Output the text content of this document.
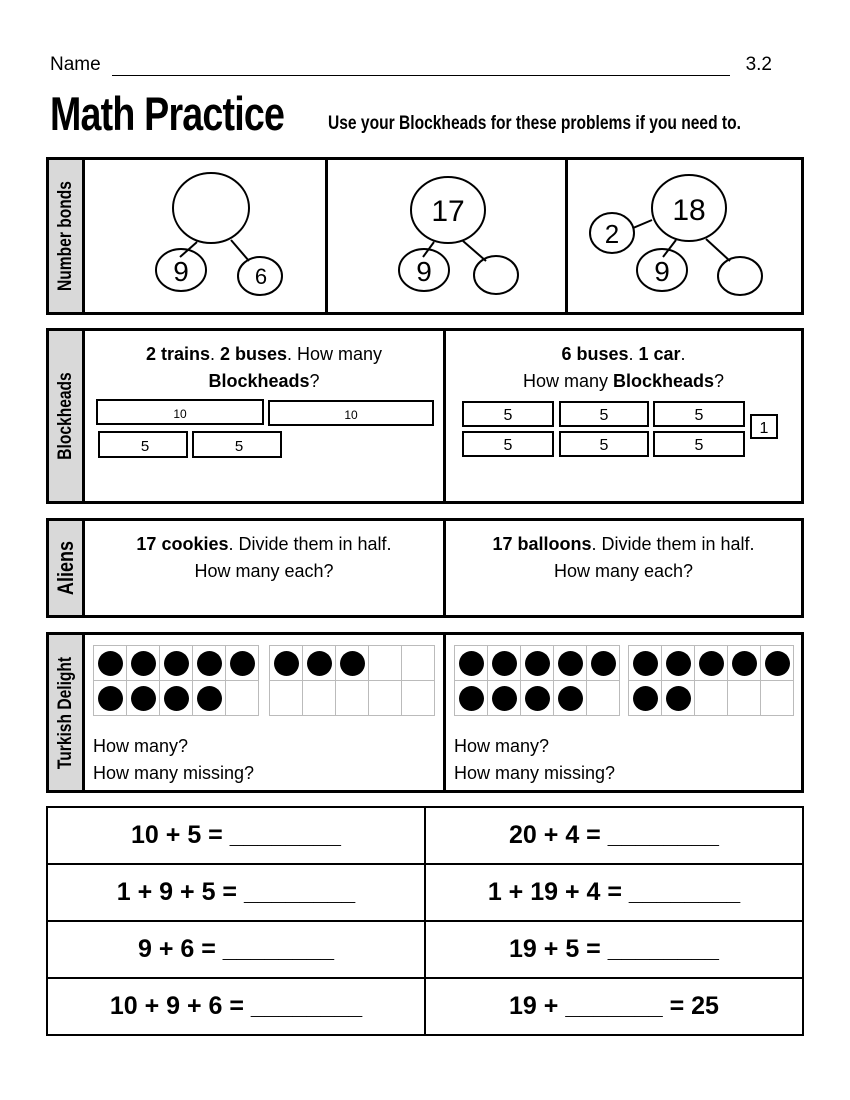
Name	3.2
Math Practice Use your Blockheads for these problems if you need to.
Number bonds	9	6
17
9
18
2
9
Blockheads
2 trains. 2 buses. How many
Blockheads?
10	10
5	5
6 buses. 1 car.
How many Blockheads?
5	5	5
5	5	5
1
Aliens	17 cookies. Divide them in half.
How many each?
17 balloons. Divide them in half.
How many each?
Turkish Delight

				How many?
How many missing?

How many?
How many missing?
10 + 5 = ________	20 + 4 = ________
1 + 9 + 5 = ________	1 + 19 + 4 = ________
9 + 6 = ________	19 + 5 = ________
10 + 9 + 6 = ________	19 + _______ = 25
